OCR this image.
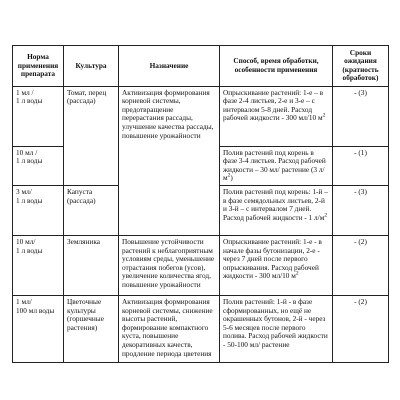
Норма применения препарата	Культура	Назначение	Способ, время обработки, особенности применения	Сроки ожидания (кратность обработок)

1 мл /
1 л воды	Томат, перец (рассада)	Активизация формирования корневой системы, предотвращение перерастания рассады, улучшение качества рассады, повышение урожайности	Опрыскивание растений: 1-е – в фазе 2-4 листьев, 2-е и 3-е – с интервалом 5-8 дней. Расход рабочей жидкости - 300 мл/10 $м^2$	- (3)

10 мл /
1 л воды			Полив растений под корень в фазе 3-4 листьев. Расход рабочей жидкости – 30 мл/ растение (3 $л/м^2$)	- (1)

3 мл/
1 л воды	Капуста (рассада)		Полив растений под корень: 1-й – в фазе семядольных листьев, 2-й и 3-й – с интервалом 7 дней. Расход рабочей жидкости - 1 $л/м^2$	- (3)

10 мл/
1 л воды	Земляника	Повышение устойчивости растений к неблагоприятным условиям среды, уменьшение отрастания побегов (усов), увеличение количества ягод, повышение урожайности	Опрыскивание растений: 1-е - в начале фазы бутонизации, 2-е - через 7 дней после первого опрыскивания. Расход рабочей жидкости - 300 мл/10 $м^2$	- (2)

1 мл/
100 мл воды	Цветочные культуры (горшечные растения)	Активизация формирования корневой системы, снижение высоты растений, формирование компактного куста, повышение декоративных качеств, продление периода цветения	Полив растений: 1-й - в фазе сформированных, но ещё не окрашенных бутонов, 2-й - через 5-6 месяцев после первого полива. Расход рабочей жидкости - 50-100 мл/ растение	- (2)
